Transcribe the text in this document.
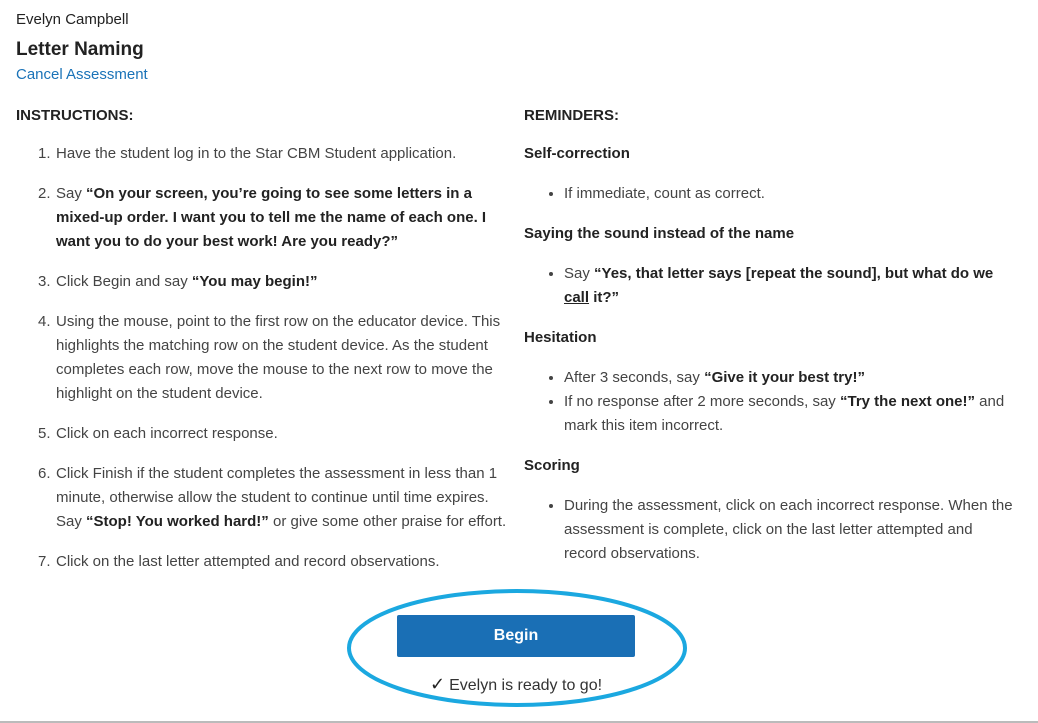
Evelyn Campbell
Letter Naming
Cancel Assessment
INSTRUCTIONS:
1. Have the student log in to the Star CBM Student application.
2. Say “On your screen, you’re going to see some letters in a mixed-up order. I want you to tell me the name of each one. I want you to do your best work! Are you ready?”
3. Click Begin and say “You may begin!”
4. Using the mouse, point to the first row on the educator device. This highlights the matching row on the student device. As the student completes each row, move the mouse to the next row to move the highlight on the student device.
5. Click on each incorrect response.
6. Click Finish if the student completes the assessment in less than 1 minute, otherwise allow the student to continue until time expires. Say “Stop! You worked hard!” or give some other praise for effort.
7. Click on the last letter attempted and record observations.
REMINDERS:
Self-correction
• If immediate, count as correct.
Saying the sound instead of the name
• Say “Yes, that letter says [repeat the sound], but what do we call it?”
Hesitation
• After 3 seconds, say “Give it your best try!”
• If no response after 2 more seconds, say “Try the next one!” and mark this item incorrect.
Scoring
• During the assessment, click on each incorrect response. When the assessment is complete, click on the last letter attempted and record observations.
Begin
✓ Evelyn is ready to go!
